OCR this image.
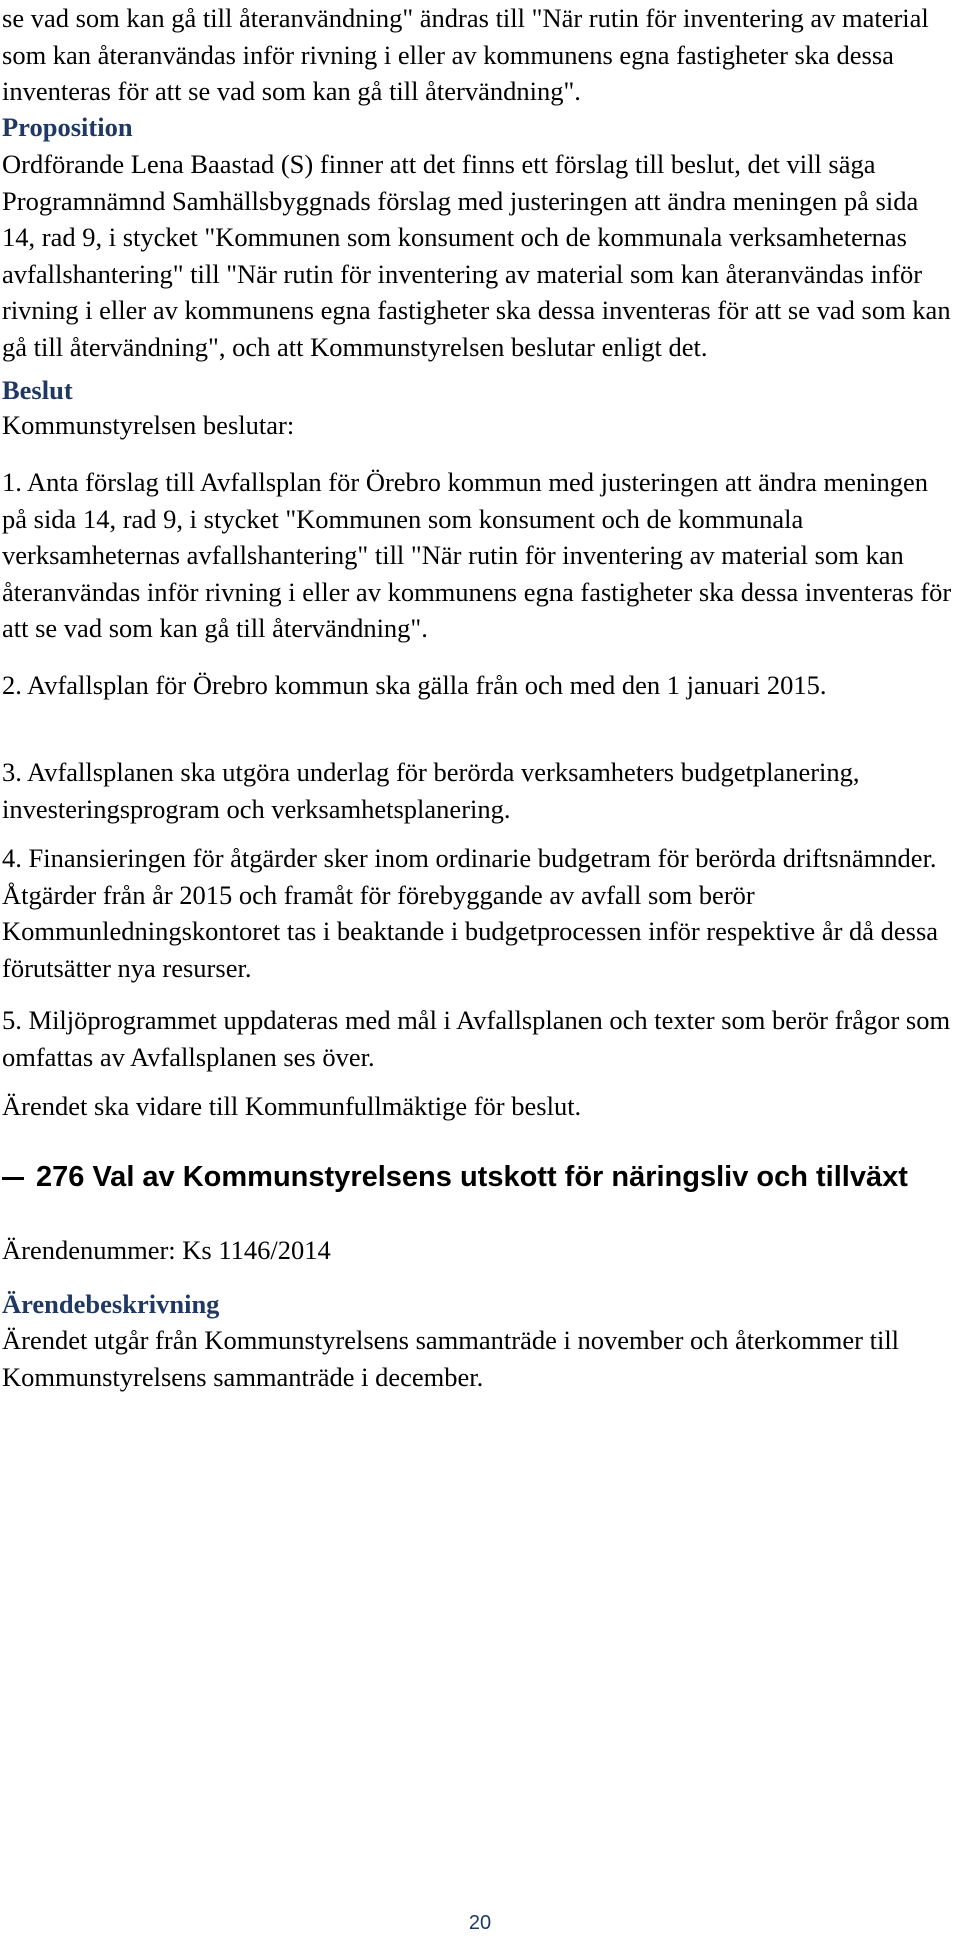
se vad som kan gå till återanvändning" ändras till "När rutin för inventering av material som kan återanvändas inför rivning i eller av kommunens egna fastigheter ska dessa inventeras för att se vad som kan gå till återvändning".

Proposition

Ordförande Lena Baastad (S) finner att det finns ett förslag till beslut, det vill säga Programnämnd Samhällsbyggnads förslag med justeringen att ändra meningen på sida 14, rad 9, i stycket "Kommunen som konsument och de kommunala verksamheternas avfallshantering" till "När rutin för inventering av material som kan återanvändas inför rivning i eller av kommunens egna fastigheter ska dessa inventeras för att se vad som kan gå till återvändning", och att Kommunstyrelsen beslutar enligt det.

Beslut
Kommunstyrelsen beslutar:
1. Anta förslag till Avfallsplan för Örebro kommun med justeringen att ändra meningen på sida 14, rad 9, i stycket "Kommunen som konsument och de kommunala verksamheternas avfallshantering" till "När rutin för inventering av material som kan återanvändas inför rivning i eller av kommunens egna fastigheter ska dessa inventeras för att se vad som kan gå till återvändning".
2. Avfallsplan för Örebro kommun ska gälla från och med den 1 januari 2015.
3. Avfallsplanen ska utgöra underlag för berörda verksamheters budgetplanering, investeringsprogram och verksamhetsplanering.
4. Finansieringen för åtgärder sker inom ordinarie budgetram för berörda driftsnämnder. Åtgärder från år 2015 och framåt för förebyggande av avfall som berör Kommunledningskontoret tas i beaktande i budgetprocessen inför respektive år då dessa förutsätter nya resurser.
5. Miljöprogrammet uppdateras med mål i Avfallsplanen och texter som berör frågor som omfattas av Avfallsplanen ses över.
Ärendet ska vidare till Kommunfullmäktige för beslut.
276 Val av Kommunstyrelsens utskott för näringsliv och tillväxt
Ärendenummer: Ks 1146/2014
Ärendebeskrivning
Ärendet utgår från Kommunstyrelsens sammanträde i november och återkommer till Kommunstyrelsens sammanträde i december.
20
